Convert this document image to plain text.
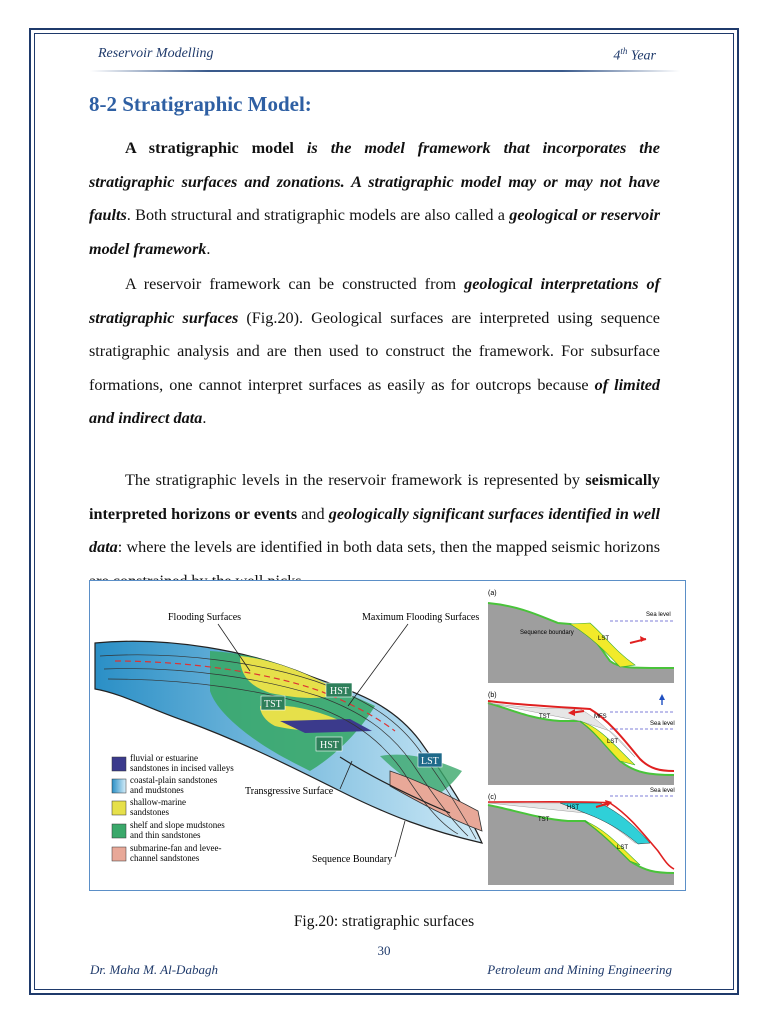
Reservoir Modelling	4th Year
8-2 Stratigraphic Model:

A stratigraphic model is the model framework that incorporates the stratigraphic surfaces and zonations. A stratigraphic model may or may not have faults. Both structural and stratigraphic models are also called a geological or reservoir model framework.

A reservoir framework can be constructed from geological interpretations of stratigraphic surfaces (Fig.20). Geological surfaces are interpreted using sequence stratigraphic analysis and are then used to construct the framework. For subsurface formations, one cannot interpret surfaces as easily as for outcrops because of limited and indirect data.

The stratigraphic levels in the reservoir framework is represented by seismically interpreted horizons or events and geologically significant surfaces identified in well data: where the levels are identified in both data sets, then the mapped seismic horizons

Flooding Surfaces	Maximum Flooding Surfaces
HST
TST
HST
LST
Transgressive Surface
Sequence Boundary
fluvial or estuarine
sandstones in incised valleys
coastal-plain sandstones
and mudstones
shallow-marine
sandstones
shelf and slope mudstones
and thin sandstones
submarine-fan and levee-
channel sandstones
(a)
Sea level
Sequence boundary
LST
(b)
TST	MFS
Sea level
LST
(c)
Sea level
HST
TST
LST
Fig.20: stratigraphic surfaces
30
Dr. Maha M. Al-Dabagh	Petroleum and Mining Engineering
